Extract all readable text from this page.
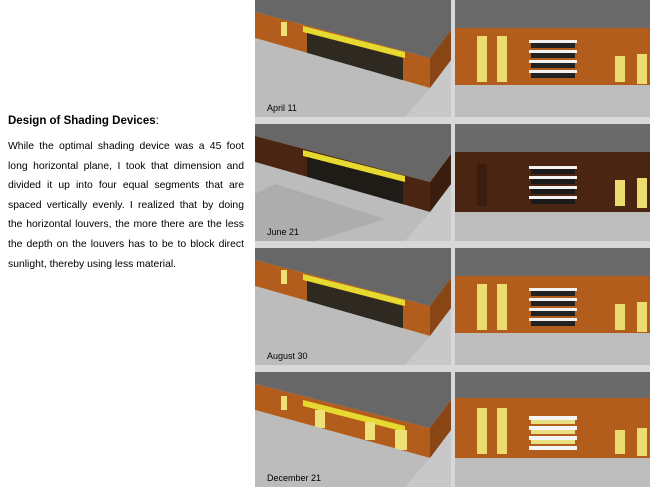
Design of Shading Devices:

While the optimal shading device was a 45 foot long horizontal plane, I took that dimension and divided it up into four equal segments that are spaced vertically evenly. I realized that by doing the horizontal louvers, the more there are the less the depth on the louvers has to be to block direct sunlight, thereby using less material.

April 11
June 21
August 30
December 21
